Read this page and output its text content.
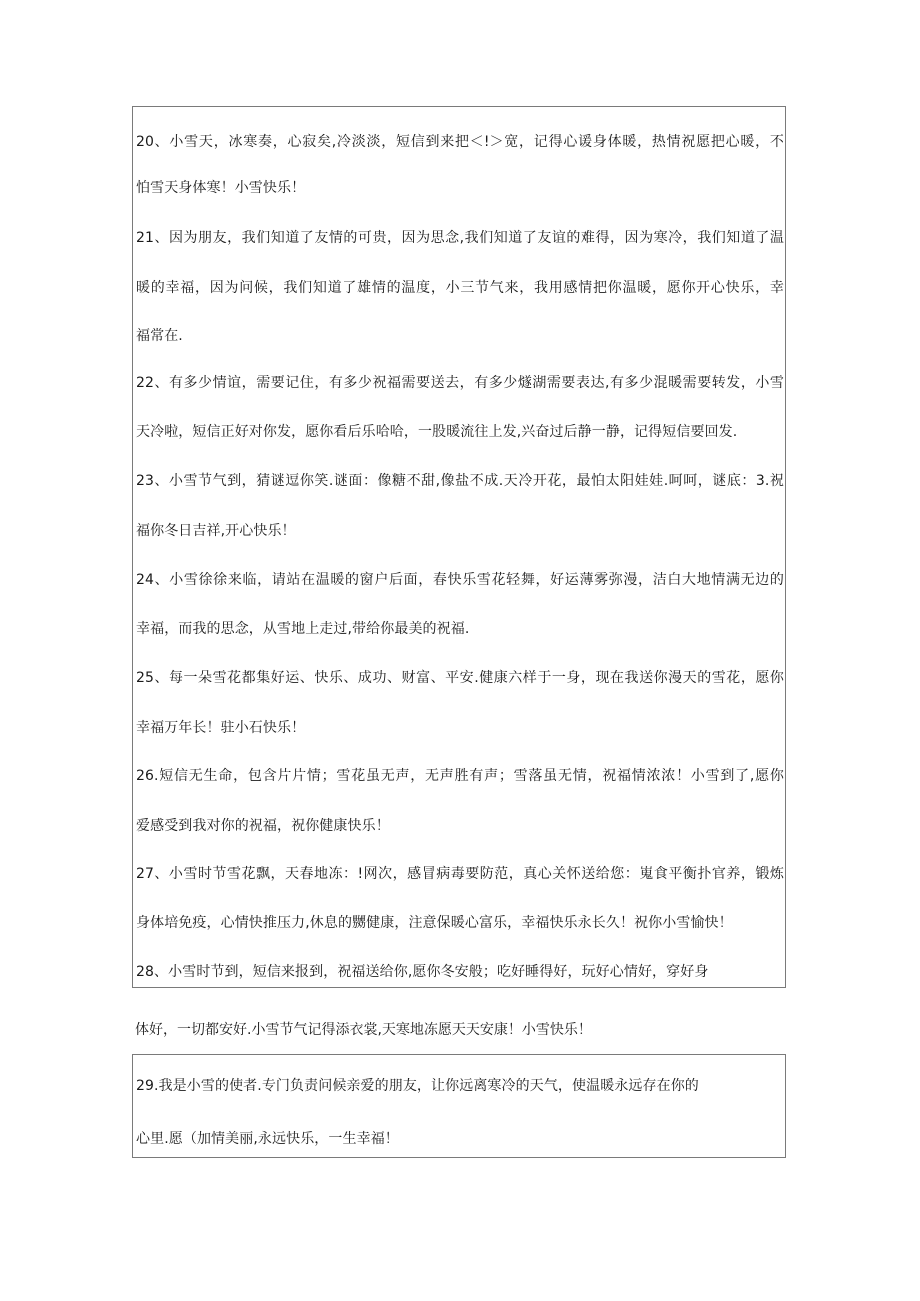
20、小雪天，冰寒奏，心寂矣,冷淡淡，短信到来把＜!＞宽，记得心谖身体暖，热情祝愿把心暖，不
怕雪天身体寒！小雪快乐！
21、因为朋友，我们知道了友情的可贵，因为思念,我们知道了友谊的难得，因为寒冷，我们知道了温
暖的幸福，因为问候，我们知道了雄情的温度，小三节气来，我用感情把你温暖，愿你开心快乐，幸
福常在.
22、有多少情谊，需要记住，有多少祝福需要送去，有多少燧湖需要表达,有多少混暖需要转发，小雪
天冷啦，短信正好对你发，愿你看后乐哈哈，一股暖流往上发,兴奋过后静一静，记得短信要回发.
23、小雪节气到，猜谜逗你笑.谜面：像糖不甜,像盐不成.天冷开花，最怕太阳娃娃.呵呵，谜底：3.祝
福你冬日吉祥,开心快乐！
24、小雪徐徐来临，请站在温暖的窗户后面，春快乐雪花轻舞，好运薄雾弥漫，洁白大地情满无边的
幸福，而我的思念，从雪地上走过,带给你最美的祝福.
25、每一朵雪花都集好运、快乐、成功、财富、平安.健康六样于一身，现在我送你漫天的雪花，愿你
幸福万年长！驻小石快乐！
26.短信无生命，包含片片情；雪花虽无声，无声胜有声；雪落虽无情，祝福情浓浓！小雪到了,愿你
爱感受到我对你的祝福，祝你健康快乐！
27、小雪时节雪花飘，天春地冻：!网次，感冒病毒要防范，真心关怀送给您：嵬食平衡扑官养，锻炼
身体培免疫，心情快推压力,休息的嬲健康，注意保暖心富乐，幸福快乐永长久！祝你小雪愉快！
28、小雪时节到，短信来报到，祝福送给你,愿你冬安般；吃好睡得好，玩好心情好，穿好身
体好，一切都安好.小雪节气记得添衣裳,天寒地冻愿天天安康！小雪快乐！
29.我是小雪的使者.专门负责问候亲爱的朋友，让你远离寒冷的天气，使温暖永远存在你的
心里.愿（加情美丽,永远快乐，一生幸福！
